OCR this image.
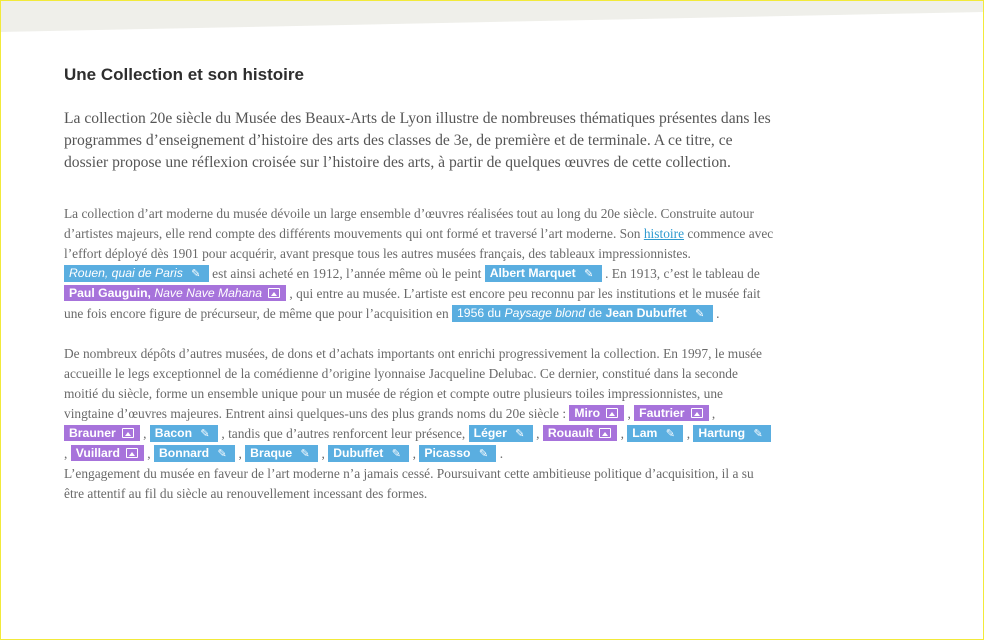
Une Collection et son histoire

La collection 20e siècle du Musée des Beaux-Arts de Lyon illustre de nombreuses thématiques présentes dans les programmes d’enseignement d’histoire des arts des classes de 3e, de première et de terminale. A ce titre, ce dossier propose une réflexion croisée sur l’histoire des arts, à partir de quelques œuvres de cette collection.

La collection d’art moderne du musée dévoile un large ensemble d’œuvres réalisées tout au long du 20e siècle. Construite autour d’artistes majeurs, elle rend compte des différents mouvements qui ont formé et traversé l’art moderne. Son histoire commence avec l’effort déployé dès 1901 pour acquérir, avant presque tous les autres musées français, des tableaux impressionnistes. Rouen, quai de Paris ✎ est ainsi acheté en 1912, l’année même où le peint Albert Marquet ✎ . En 1913, c’est le tableau de Paul Gauguin, Nave Nave Mahana , qui entre au musée. L’artiste est encore peu reconnu par les institutions et le musée fait une fois encore figure de précurseur, de même que pour l’acquisition en 1956 du Paysage blond de Jean Dubuffet ✎ .

De nombreux dépôts d’autres musées, de dons et d’achats importants ont enrichi progressivement la collection. En 1997, le musée accueille le legs exceptionnel de la comédienne d’origine lyonnaise Jacqueline Delubac. Ce dernier, constitué dans la seconde moitié du siècle, forme un ensemble unique pour un musée de région et compte outre plusieurs toiles impressionnistes, une vingtaine d’œuvres majeures. Entrent ainsi quelques-uns des plus grands noms du 20e siècle : Miro , Fautrier , Brauner , Bacon ✎ , tandis que d’autres renforcent leur présence, Léger ✎ , Rouault , Lam ✎ , Hartung ✎ , Vuillard , Bonnard ✎ , Braque ✎ , Dubuffet ✎ , Picasso ✎ .

L’engagement du musée en faveur de l’art moderne n’a jamais cessé. Poursuivant cette ambitieuse politique d’acquisition, il a su être attentif au fil du siècle au renouvellement incessant des formes.
